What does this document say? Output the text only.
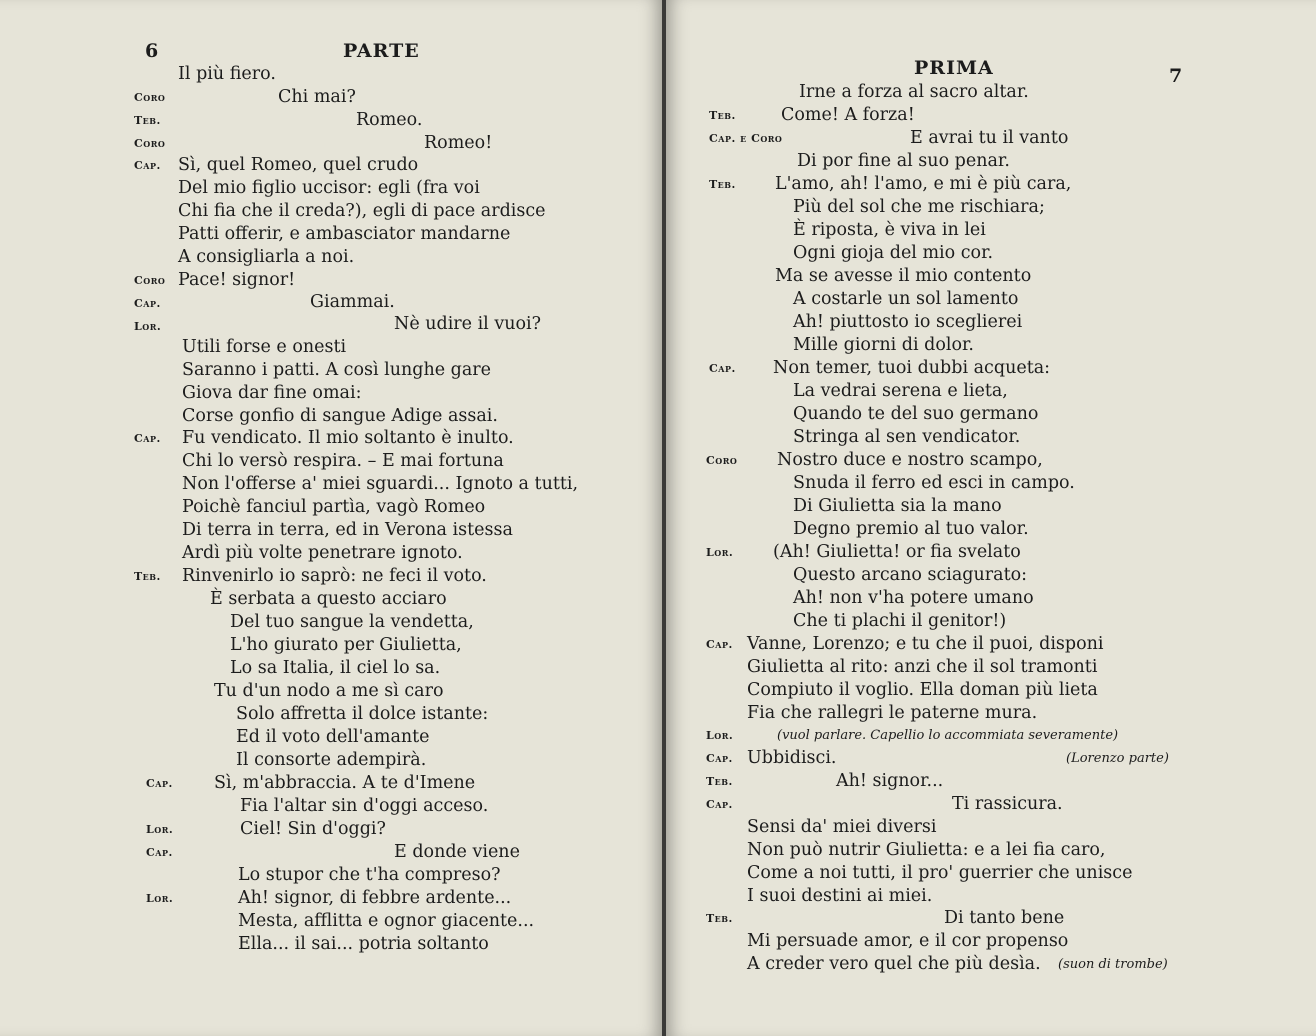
6	PARTE
Il più fiero.
Coro	Chi mai?
Teb.	Romeo.
Coro	Romeo!
Cap. Sì, quel Romeo, quel crudo
Del mio figlio uccisor: egli (fra voi
Chi fia che il creda?), egli di pace ardisce
Patti offerir, e ambasciator mandarne
A consigliarla a noi.
Coro Pace! signor!
Cap.	Giammai.
Lor.	Nè udire il vuoi?
Utili forse e onesti
Saranno i patti. A così lunghe gare
Giova dar fine omai:
Corse gonfio di sangue Adige assai.
Cap. Fu vendicato. Il mio soltanto è inulto.
Chi lo versò respira. – E mai fortuna
Non l'offerse a' miei sguardi... Ignoto a tutti,
Poichè fanciul partìa, vagò Romeo
Di terra in terra, ed in Verona istessa
Ardì più volte penetrare ignoto.
Teb. Rinvenirlo io saprò: ne feci il voto.
È serbata a questo acciaro
Del tuo sangue la vendetta,
L'ho giurato per Giulietta,
Lo sa Italia, il ciel lo sa.
Tu d'un nodo a me sì caro
Solo affretta il dolce istante:
Ed il voto dell'amante
Il consorte adempirà.
Cap. Sì, m'abbraccia. A te d'Imene
Fia l'altar sin d'oggi acceso.
Lor.	Ciel! Sin d'oggi?
Cap.	E donde viene
Lo stupor che t'ha compreso?
Lor.	Ah! signor, di febbre ardente...
Mesta, afflitta e ognor giacente...
Ella... il sai... potria soltanto
PRIMA	7
Irne a forza al sacro altar.
Teb.	Come! A forza!
Cap. e Coro	E avrai tu il vanto
Di por fine al suo penar.
Teb. L'amo, ah! l'amo, e mi è più cara,
Più del sol che me rischiara;
È riposta, è viva in lei
Ogni gioja del mio cor.
Ma se avesse il mio contento
A costarle un sol lamento
Ah! piuttosto io sceglierei
Mille giorni di dolor.
Cap. Non temer, tuoi dubbi acqueta:
La vedrai serena e lieta,
Quando te del suo germano
Stringa al sen vendicator.
Coro Nostro duce e nostro scampo,
Snuda il ferro ed esci in campo.
Di Giulietta sia la mano
Degno premio al tuo valor.
Lor. (Ah! Giulietta! or fia svelato
Questo arcano sciagurato:
Ah! non v'ha potere umano
Che ti plachi il genitor!)
Cap. Vanne, Lorenzo; e tu che il puoi, disponi
Giulietta al rito: anzi che il sol tramonti
Compiuto il voglio. Ella doman più lieta
Fia che rallegri le paterne mura.
Lor.	(vuol parlare. Capellio lo accommiata severamente)
Cap. Ubbidisci.	(Lorenzo parte)
Teb.	Ah! signor...
Cap.	Ti rassicura.
Sensi da' miei diversi
Non può nutrir Giulietta: e a lei fia caro,
Come a noi tutti, il pro' guerrier che unisce
I suoi destini ai miei.
Teb.	Di tanto bene
Mi persuade amor, e il cor propenso
A creder vero quel che più desìa. (suon di trombe)
